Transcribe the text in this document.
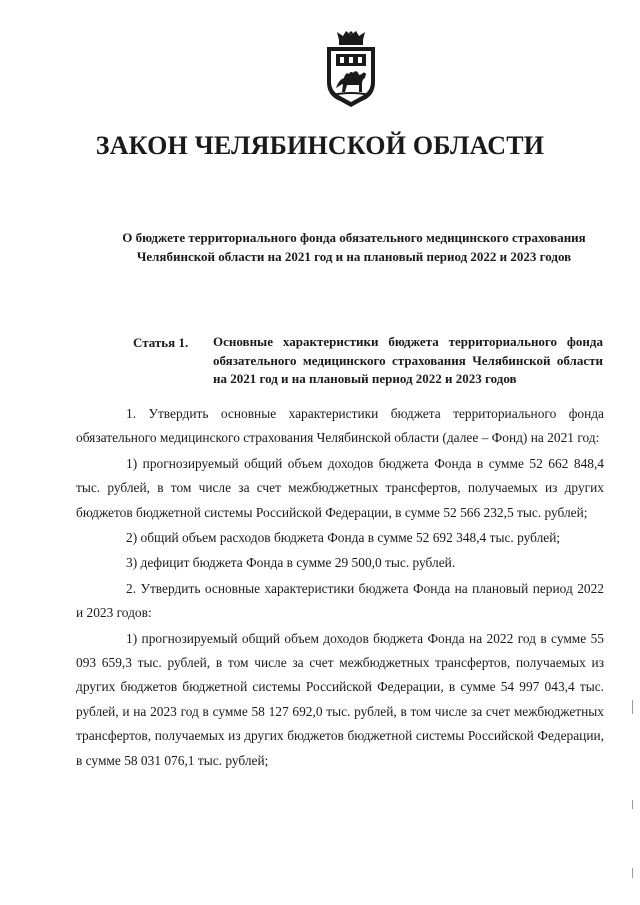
ЗАКОН ЧЕЛЯБИНСКОЙ ОБЛАСТИ
О бюджете территориального фонда обязательного медицинского страхования Челябинской области на 2021 год и на плановый период 2022 и 2023 годов
Статья 1. Основные характеристики бюджета территориального фонда обязательного медицинского страхования Челябинской области на 2021 год и на плановый период 2022 и 2023 годов

1. Утвердить основные характеристики бюджета территориального фонда обязательного медицинского страхования Челябинской области (далее – Фонд) на 2021 год:

1) прогнозируемый общий объем доходов бюджета Фонда в сумме 52 662 848,4 тыс. рублей, в том числе за счет межбюджетных трансфертов, получаемых из других бюджетов бюджетной системы Российской Федерации, в сумме 52 566 232,5 тыс. рублей;

2) общий объем расходов бюджета Фонда в сумме 52 692 348,4 тыс. рублей;

3) дефицит бюджета Фонда в сумме 29 500,0 тыс. рублей.

2. Утвердить основные характеристики бюджета Фонда на плановый период 2022 и 2023 годов:

1) прогнозируемый общий объем доходов бюджета Фонда на 2022 год в сумме 55 093 659,3 тыс. рублей, в том числе за счет межбюджетных трансфертов, получаемых из других бюджетов бюджетной системы Российской Федерации, в сумме 54 997 043,4 тыс. рублей, и на 2023 год в сумме 58 127 692,0 тыс. рублей, в том числе за счет межбюджетных трансфертов, получаемых из других бюджетов бюджетной системы Российской Федерации, в сумме 58 031 076,1 тыс. рублей;
